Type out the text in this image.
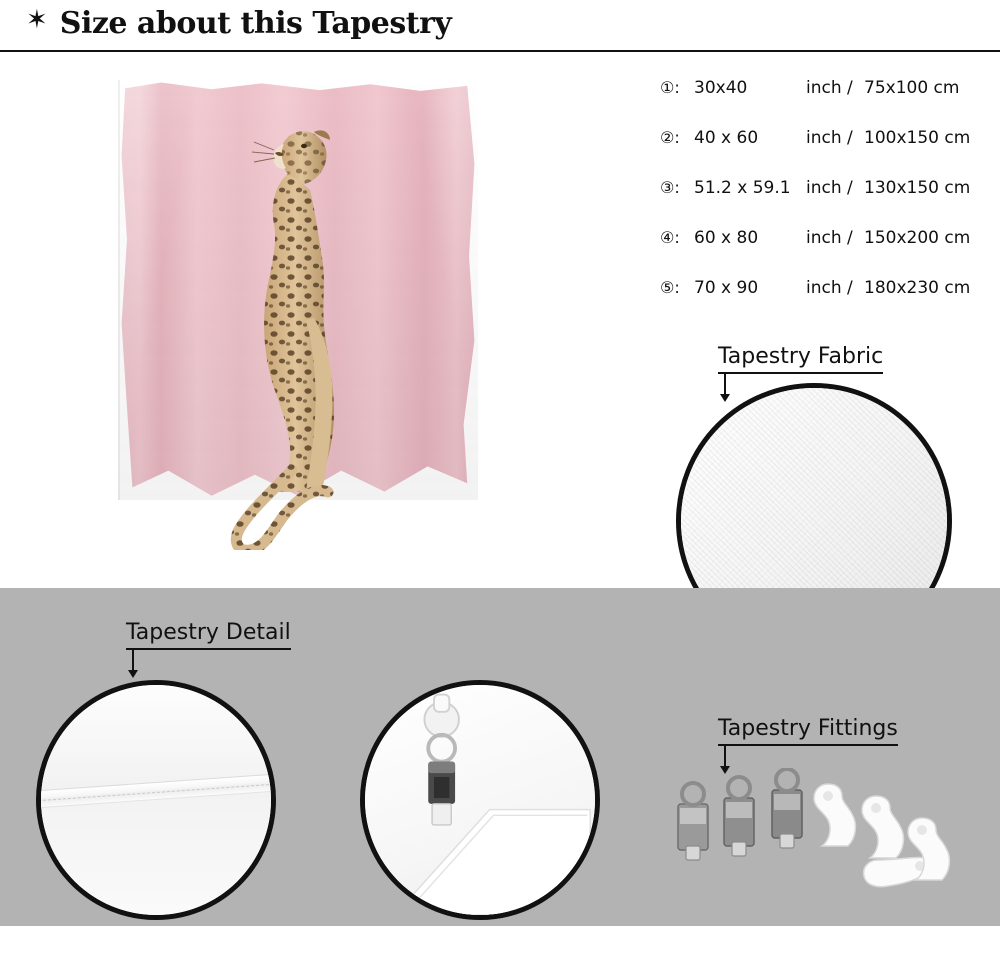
✶ Size about this Tapestry
①: 30x40	inch / 75x100 cm
②: 40 x 60	inch / 100x150 cm
③: 51.2 x 59.1 inch / 130x150 cm
④: 60 x 80	inch / 150x200 cm
⑤: 70 x 90	inch / 180x230 cm
Tapestry Fabric
Tapestry Detail
Tapestry Fittings
